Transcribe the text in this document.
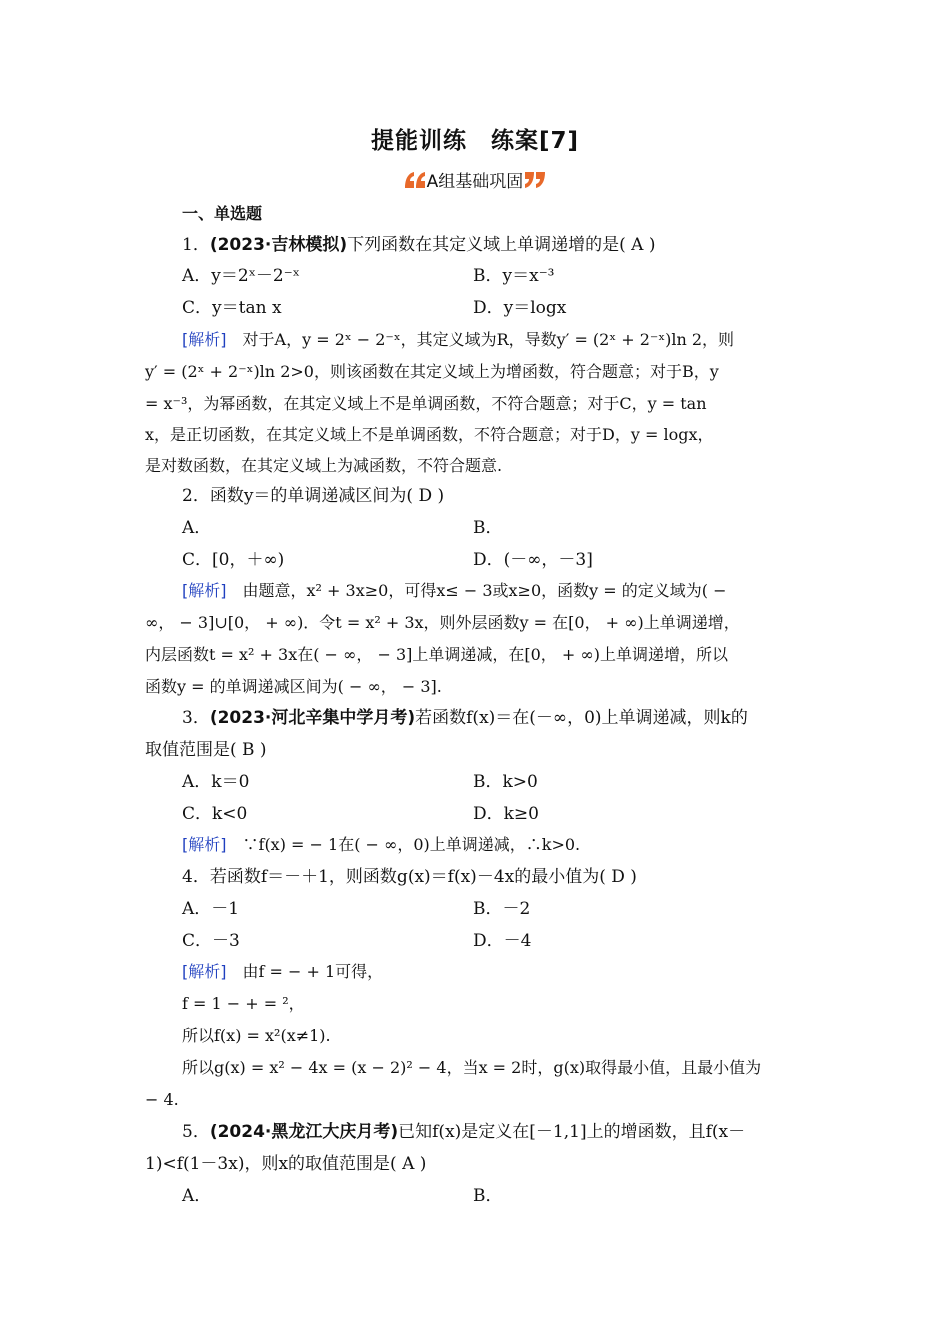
提能训练　练案[7]
A组基础巩固
一、单选题
1．(2023·吉林模拟)下列函数在其定义域上单调递增的是( A )
A．y＝2ˣ－2⁻ˣ	B．y＝x⁻³
C．y＝tan x	D．y＝logx
[解析]　 对于A，y = 2ˣ − 2⁻ˣ，其定义域为R，导数y′ = (2ˣ + 2⁻ˣ)ln 2，则
y′ = (2ˣ + 2⁻ˣ)ln 2>0，则该函数在其定义域上为增函数，符合题意；对于B，y
= x⁻³，为幂函数，在其定义域上不是单调函数，不符合题意；对于C，y = tan
x，是正切函数，在其定义域上不是单调函数，不符合题意；对于D，y = logx，
是对数函数，在其定义域上为减函数，不符合题意.
2．函数y＝的单调递减区间为( D )
A．	B．
C．[0，＋∞)	D．(－∞，－3]
[解析]　 由题意，x² + 3x≥0，可得x≤ − 3或x≥0，函数y = 的定义域为( −
∞， − 3]∪[0， + ∞)．令t = x² + 3x，则外层函数y = 在[0， + ∞)上单调递增，
内层函数t = x² + 3x在( − ∞， − 3]上单调递减，在[0， + ∞)上单调递增，所以
函数y = 的单调递减区间为( − ∞， − 3].
3．(2023·河北辛集中学月考)若函数f(x)＝在(－∞，0)上单调递减，则k的
取值范围是( B )
A．k＝0	B．k>0
C．k<0	D．k≥0
[解析]　 ∵f(x) = − 1在( − ∞，0)上单调递减，∴k>0.
4．若函数f＝－＋1，则函数g(x)＝f(x)－4x的最小值为( D )
A．－1	B．－2
C．－3	D．－4
[解析]　 由f = − + 1可得，
f = 1 − + = ²，
所以f(x) = x²(x≠1).
所以g(x) = x² − 4x = (x − 2)² − 4，当x = 2时，g(x)取得最小值，且最小值为
− 4.
5．(2024·黑龙江大庆月考)已知f(x)是定义在[－1,1]上的增函数，且f(x－
1)<f(1－3x)，则x的取值范围是( A )
A．	B．
